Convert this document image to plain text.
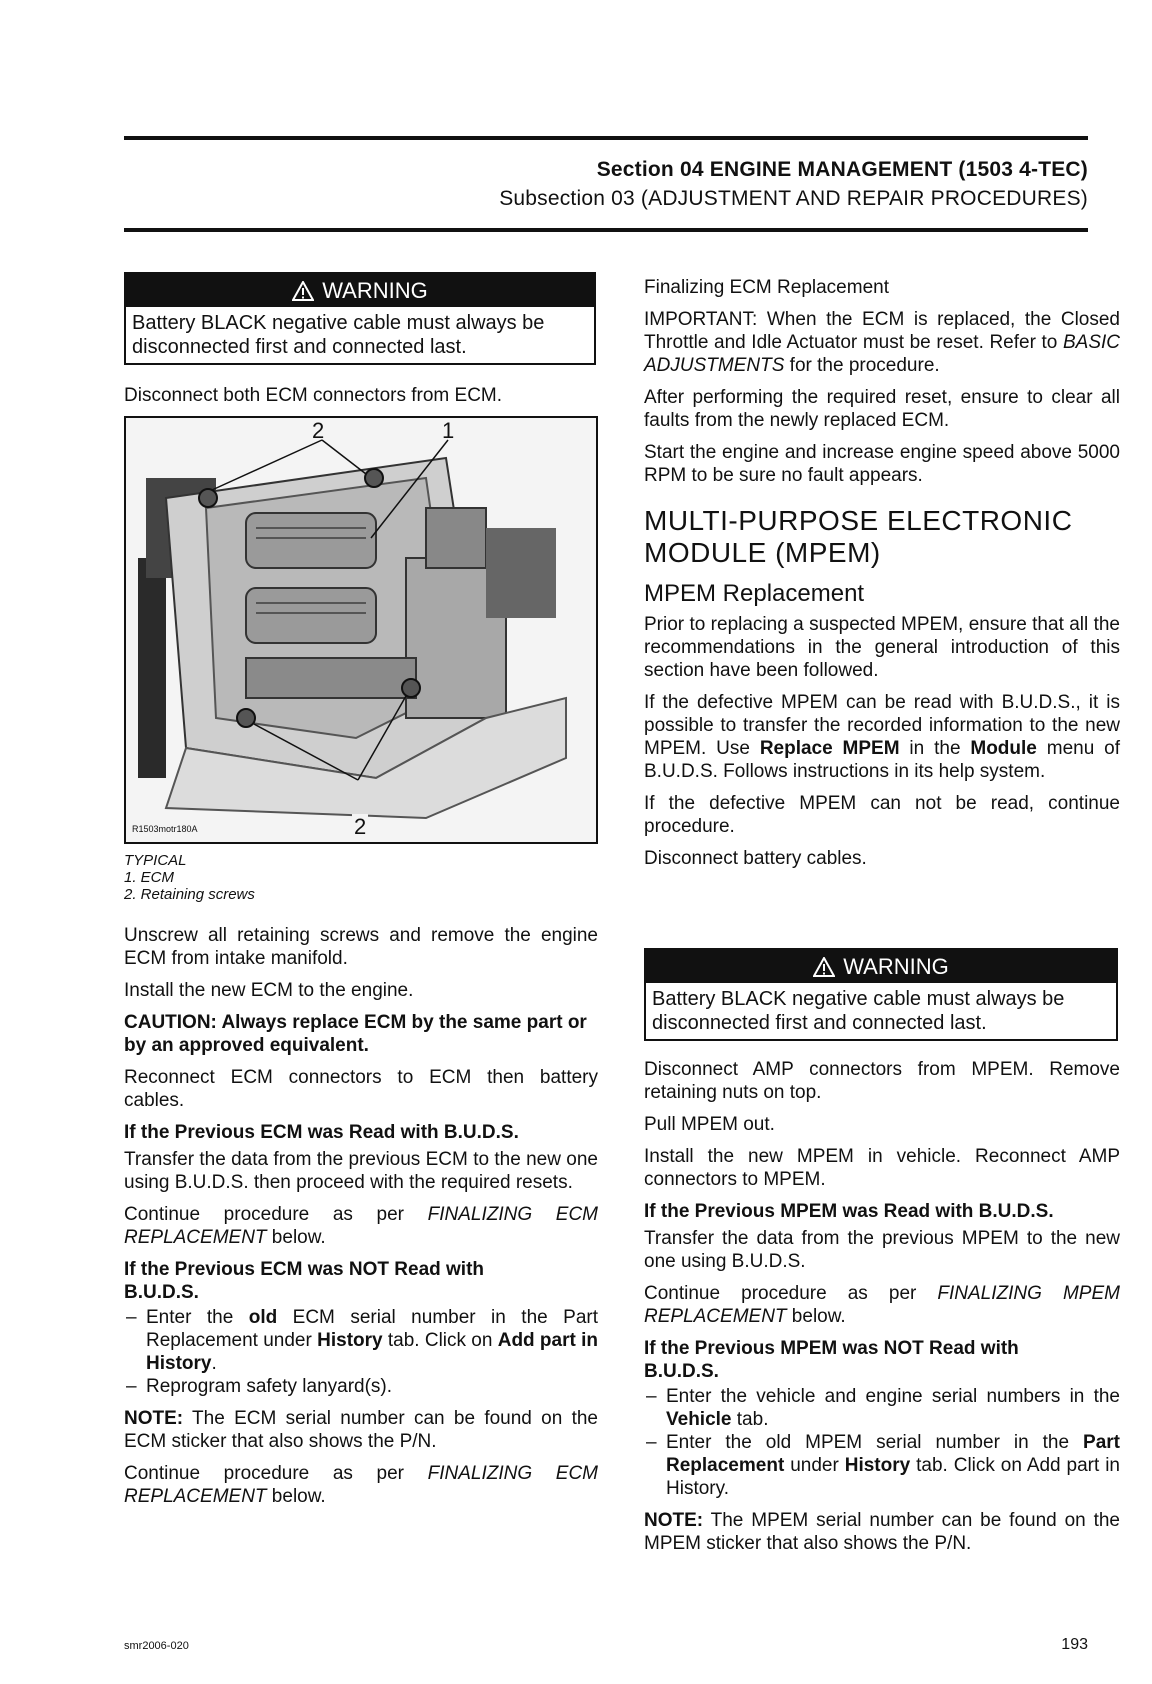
Section 04 ENGINE MANAGEMENT (1503 4-TEC)
Subsection 03 (ADJUSTMENT AND REPAIR PROCEDURES)
WARNING
Battery BLACK negative cable must always be disconnected first and connected last.

Disconnect both ECM connectors from ECM.

2	1
2
R1503motr180A
TYPICAL
1. ECM
2. Retaining screws

Unscrew all retaining screws and remove the engine ECM from intake manifold.

Install the new ECM to the engine.

CAUTION: Always replace ECM by the same part or by an approved equivalent.

Reconnect ECM connectors to ECM then battery cables.

If the Previous ECM was Read with B.U.D.S.

Transfer the data from the previous ECM to the new one using B.U.D.S. then proceed with the required resets.

Continue procedure as per FINALIZING ECM REPLACEMENT below.

If the Previous ECM was NOT Read with B.U.D.S.

– Enter the old ECM serial number in the Part Replacement under History tab. Click on Add part in History.
– Reprogram safety lanyard(s).

NOTE: The ECM serial number can be found on the ECM sticker that also shows the P/N.

Continue procedure as per FINALIZING ECM REPLACEMENT below.

Finalizing ECM Replacement

IMPORTANT: When the ECM is replaced, the Closed Throttle and Idle Actuator must be reset. Refer to BASIC ADJUSTMENTS for the procedure.

After performing the required reset, ensure to clear all faults from the newly replaced ECM.

Start the engine and increase engine speed above 5000 RPM to be sure no fault appears.

MULTI-PURPOSE ELECTRONIC MODULE (MPEM)

MPEM Replacement

Prior to replacing a suspected MPEM, ensure that all the recommendations in the general introduction of this section have been followed.

If the defective MPEM can be read with B.U.D.S., it is possible to transfer the recorded information to the new MPEM. Use Replace MPEM in the Module menu of B.U.D.S. Follows instructions in its help system.

If the defective MPEM can not be read, continue procedure.

Disconnect battery cables.

WARNING
Battery BLACK negative cable must always be disconnected first and connected last.

Disconnect AMP connectors from MPEM. Remove retaining nuts on top.

Pull MPEM out.

Install the new MPEM in vehicle. Reconnect AMP connectors to MPEM.

If the Previous MPEM was Read with B.U.D.S.

Transfer the data from the previous MPEM to the new one using B.U.D.S.

Continue procedure as per FINALIZING MPEM REPLACEMENT below.

If the Previous MPEM was NOT Read with B.U.D.S.

– Enter the vehicle and engine serial numbers in the Vehicle tab.
– Enter the old MPEM serial number in the Part Replacement under History tab. Click on Add part in History.

NOTE: The MPEM serial number can be found on the MPEM sticker that also shows the P/N.

smr2006-020	193
